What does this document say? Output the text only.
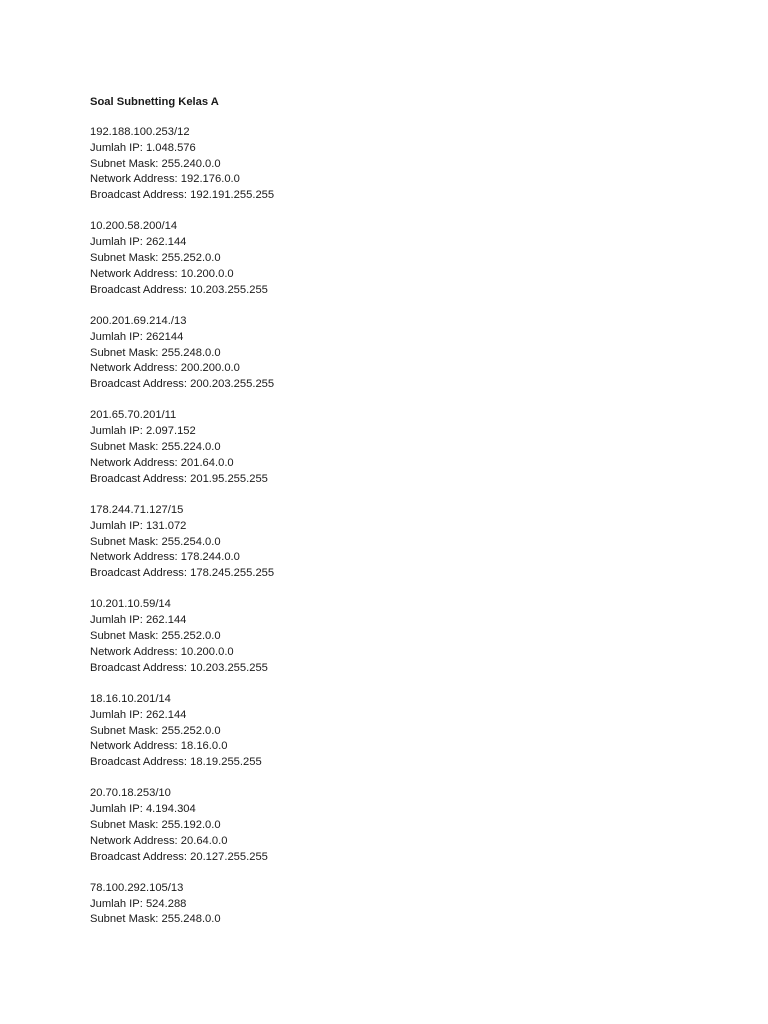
Soal Subnetting Kelas A
192.188.100.253/12
Jumlah IP: 1.048.576
Subnet Mask: 255.240.0.0
Network Address: 192.176.0.0
Broadcast Address: 192.191.255.255
10.200.58.200/14
Jumlah IP: 262.144
Subnet Mask: 255.252.0.0
Network Address: 10.200.0.0
Broadcast Address: 10.203.255.255
200.201.69.214./13
Jumlah IP: 262144
Subnet Mask: 255.248.0.0
Network Address: 200.200.0.0
Broadcast Address: 200.203.255.255
201.65.70.201/11
Jumlah IP: 2.097.152
Subnet Mask: 255.224.0.0
Network Address: 201.64.0.0
Broadcast Address: 201.95.255.255
178.244.71.127/15
Jumlah IP: 131.072
Subnet Mask: 255.254.0.0
Network Address: 178.244.0.0
Broadcast Address: 178.245.255.255
10.201.10.59/14
Jumlah IP: 262.144
Subnet Mask: 255.252.0.0
Network Address: 10.200.0.0
Broadcast Address: 10.203.255.255
18.16.10.201/14
Jumlah IP: 262.144
Subnet Mask: 255.252.0.0
Network Address: 18.16.0.0
Broadcast Address: 18.19.255.255
20.70.18.253/10
Jumlah IP: 4.194.304
Subnet Mask: 255.192.0.0
Network Address: 20.64.0.0
Broadcast Address: 20.127.255.255
78.100.292.105/13
Jumlah IP: 524.288
Subnet Mask: 255.248.0.0
